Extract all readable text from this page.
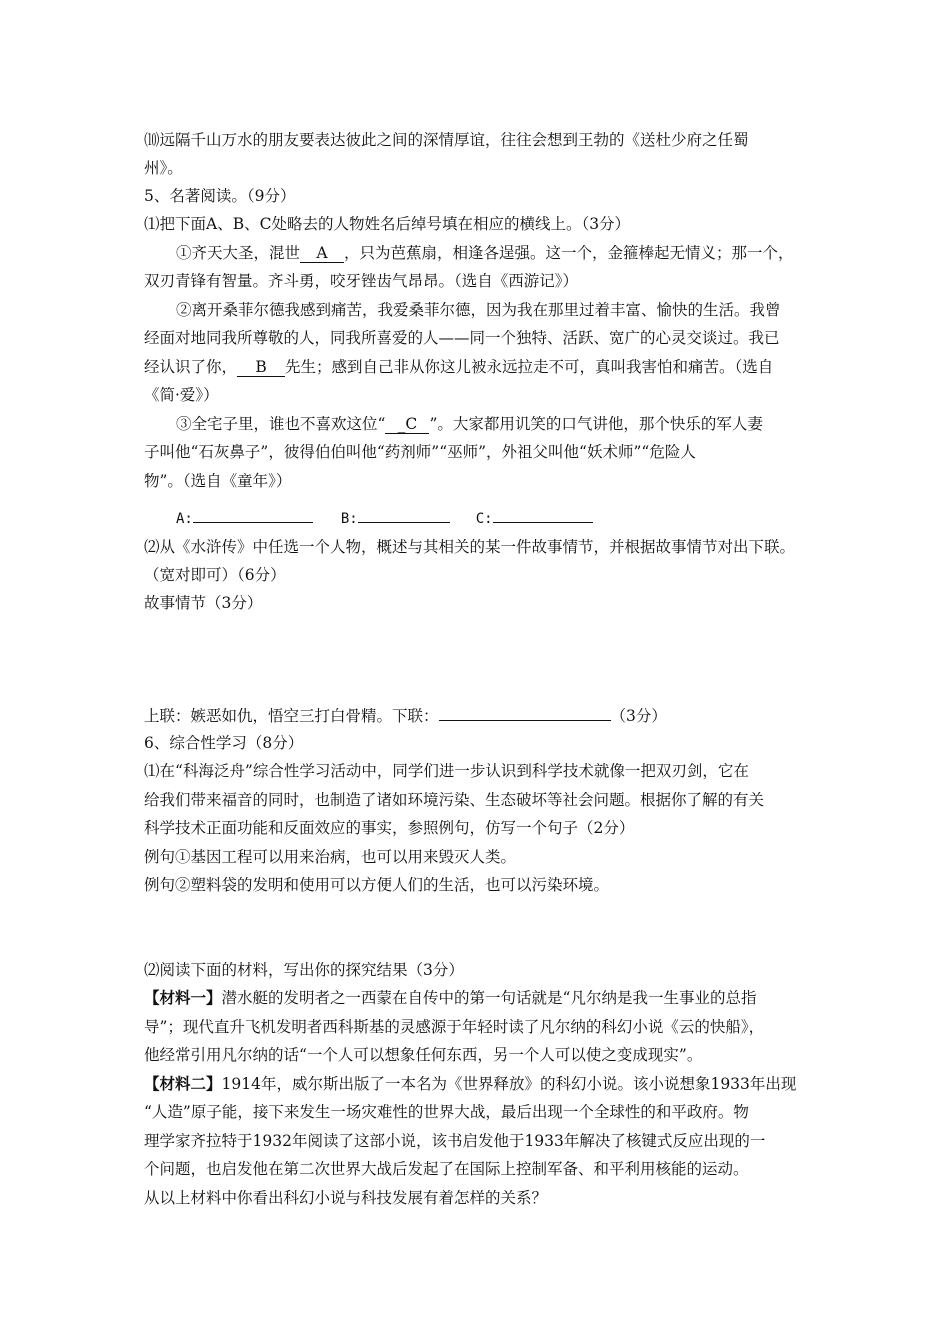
⑽远隔千山万水的朋友要表达彼此之间的深情厚谊，往往会想到王勃的《送杜少府之任蜀
州》。
5、名著阅读。（9分）
⑴把下面A、B、C处略去的人物姓名后绰号填在相应的横线上。（3分）
①齐天大圣，混世 A ，只为芭蕉扇，相逢各逞强。这一个，金箍棒起无情义；那一个，
双刃青锋有智量。齐斗勇，咬牙锉齿气昂昂。（选自《西游记》）
②离开桑菲尔德我感到痛苦，我爱桑菲尔德，因为我在那里过着丰富、愉快的生活。我曾
经面对地同我所尊敬的人，同我所喜爱的人——同一个独特、活跃、宽广的心灵交谈过。我已
经认识了你， B 先生；感到自己非从你这儿被永远拉走不可，真叫我害怕和痛苦。（选自
《简·爱》）
③全宅子里，谁也不喜欢这位“ _C ”。大家都用讥笑的口气讲他，那个快乐的军人妻
子叫他“石灰鼻子”，彼得伯伯叫他“药剂师”“巫师”，外祖父叫他“妖术师”“危险人
物”。（选自《童年》）
A:	B:	C:
⑵从《水浒传》中任选一个人物，概述与其相关的某一件故事情节，并根据故事情节对出下联。
（宽对即可）（6分）
故事情节（3分）
上联：嫉恶如仇，悟空三打白骨精。下联：	（3分）
6、综合性学习（8分）
⑴在“科海泛舟”综合性学习活动中，同学们进一步认识到科学技术就像一把双刃剑，它在
给我们带来福音的同时，也制造了诸如环境污染、生态破坏等社会问题。根据你了解的有关
科学技术正面功能和反面效应的事实，参照例句，仿写一个句子（2分）
例句①基因工程可以用来治病，也可以用来毁灭人类。
例句②塑料袋的发明和使用可以方便人们的生活，也可以污染环境。
⑵阅读下面的材料，写出你的探究结果（3分）
【材料一】潜水艇的发明者之一西蒙在自传中的第一句话就是“凡尔纳是我一生事业的总指
导”；现代直升飞机发明者西科斯基的灵感源于年轻时读了凡尔纳的科幻小说《云的快船》，
他经常引用凡尔纳的话“一个人可以想象任何东西，另一个人可以使之变成现实”。
【材料二】1914年，威尔斯出版了一本名为《世界释放》的科幻小说。该小说想象1933年出现
“人造”原子能，接下来发生一场灾难性的世界大战，最后出现一个全球性的和平政府。物
理学家齐拉特于1932年阅读了这部小说，该书启发他于1933年解决了核键式反应出现的一
个问题，也启发他在第二次世界大战后发起了在国际上控制军备、和平利用核能的运动。
从以上材料中你看出科幻小说与科技发展有着怎样的关系？
